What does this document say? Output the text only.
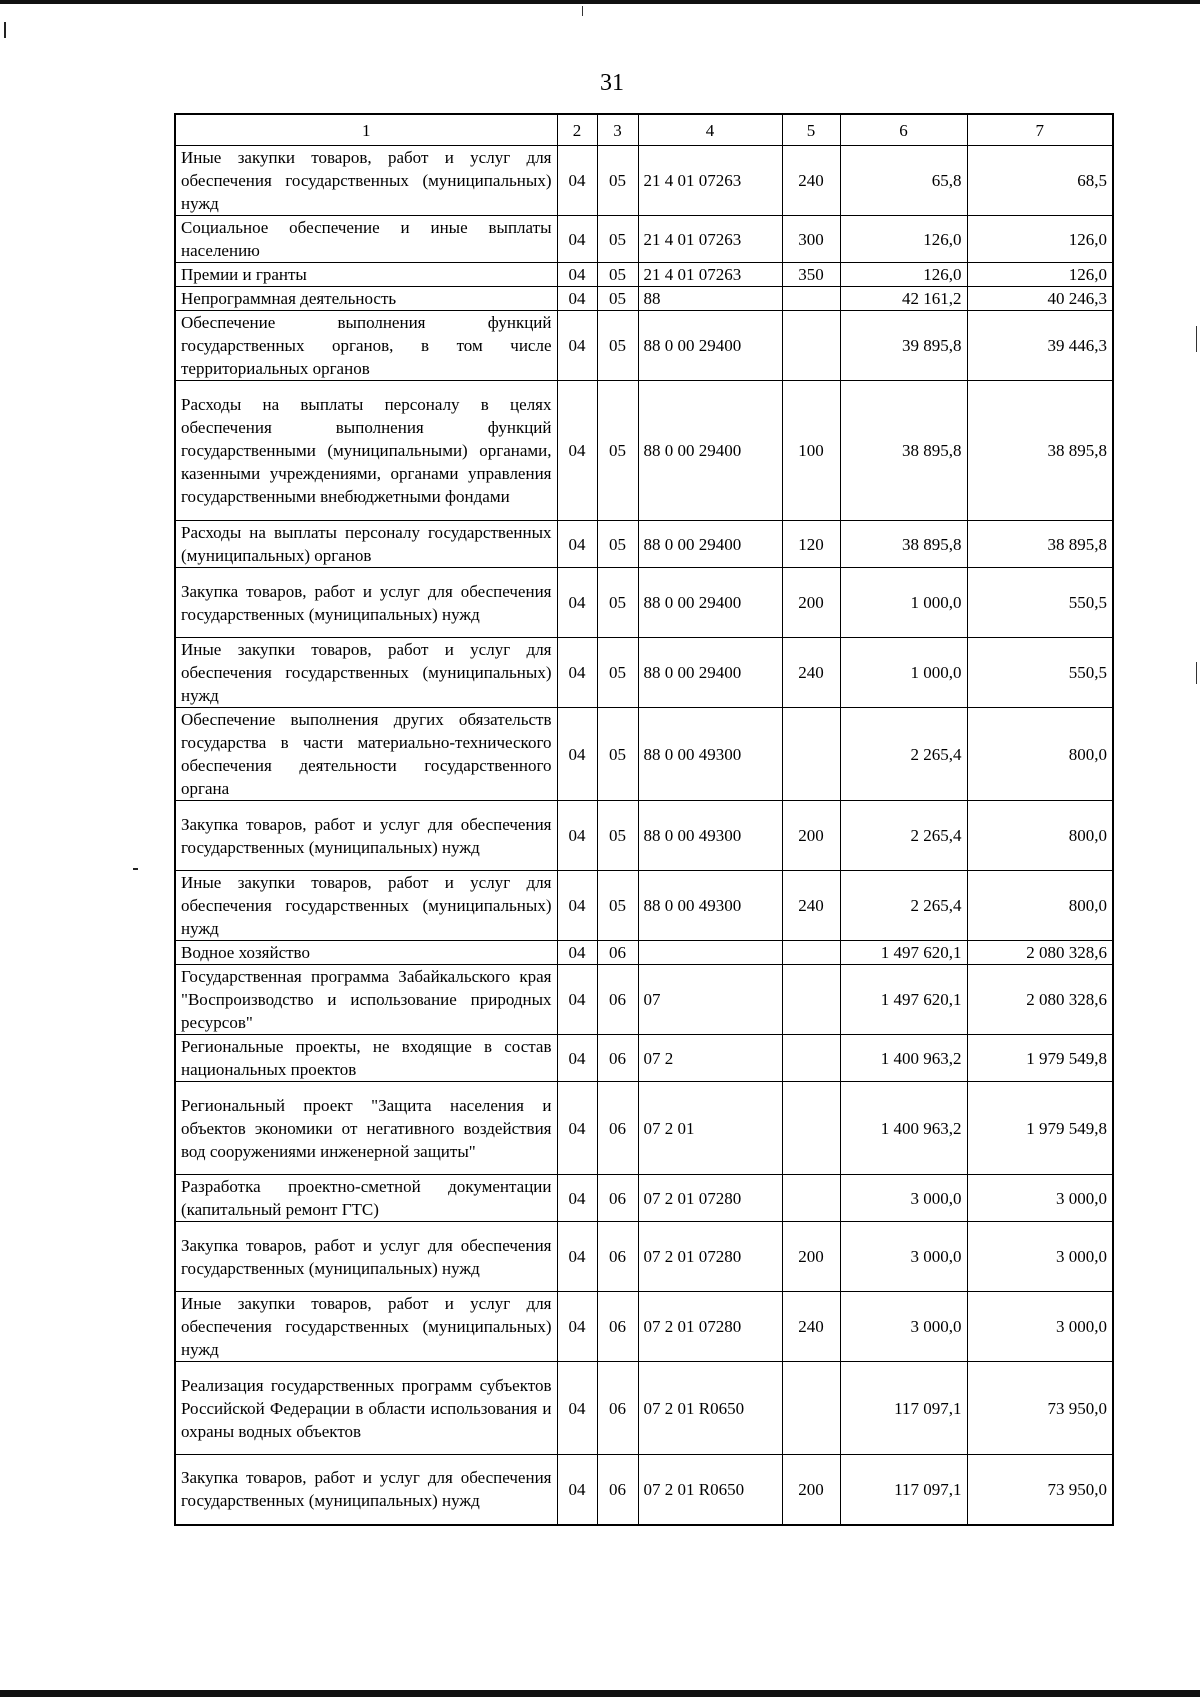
31
1	2	3	4	5	6	7
Иные закупки товаров, работ и услуг для обеспечения государственных (муниципальных) нужд	04	05	21 4 01 07263	240	65,8	68,5
Социальное обеспечение и иные выплаты населению	04	05	21 4 01 07263	300	126,0	126,0
Премии и гранты	04	05	21 4 01 07263	350	126,0	126,0
Непрограммная деятельность	04	05	88		42 161,2	40 246,3
Обеспечение выполнения функций государственных органов, в том числе территориальных органов	04	05	88 0 00 29400		39 895,8	39 446,3
Расходы на выплаты персоналу в целях обеспечения выполнения функций государственными (муниципальными) органами, казенными учреждениями, органами управления государственными внебюджетными фондами	04	05	88 0 00 29400	100	38 895,8	38 895,8
Расходы на выплаты персоналу государственных (муниципальных) органов	04	05	88 0 00 29400	120	38 895,8	38 895,8
Закупка товаров, работ и услуг для обеспечения государственных (муниципальных) нужд	04	05	88 0 00 29400	200	1 000,0	550,5
Иные закупки товаров, работ и услуг для обеспечения государственных (муниципальных) нужд	04	05	88 0 00 29400	240	1 000,0	550,5
Обеспечение выполнения других обязательств государства в части материально-технического обеспечения деятельности государственного органа	04	05	88 0 00 49300		2 265,4	800,0
Закупка товаров, работ и услуг для обеспечения государственных (муниципальных) нужд	04	05	88 0 00 49300	200	2 265,4	800,0
Иные закупки товаров, работ и услуг для обеспечения государственных (муниципальных) нужд	04	05	88 0 00 49300	240	2 265,4	800,0
Водное хозяйство	04	06			1 497 620,1	2 080 328,6
Государственная программа Забайкальского края "Воспроизводство и использование природных ресурсов"	04	06	07		1 497 620,1	2 080 328,6
Региональные проекты, не входящие в состав национальных проектов	04	06	07 2		1 400 963,2	1 979 549,8
Региональный проект "Защита населения и объектов экономики от негативного воздействия вод сооружениями инженерной защиты"	04	06	07 2 01		1 400 963,2	1 979 549,8
Разработка проектно-сметной документации (капитальный ремонт ГТС)	04	06	07 2 01 07280		3 000,0	3 000,0
Закупка товаров, работ и услуг для обеспечения государственных (муниципальных) нужд	04	06	07 2 01 07280	200	3 000,0	3 000,0
Иные закупки товаров, работ и услуг для обеспечения государственных (муниципальных) нужд	04	06	07 2 01 07280	240	3 000,0	3 000,0
Реализация государственных программ субъектов Российской Федерации в области использования и охраны водных объектов	04	06	07 2 01 R0650		117 097,1	73 950,0
Закупка товаров, работ и услуг для обеспечения государственных (муниципальных) нужд	04	06	07 2 01 R0650	200	117 097,1	73 950,0
